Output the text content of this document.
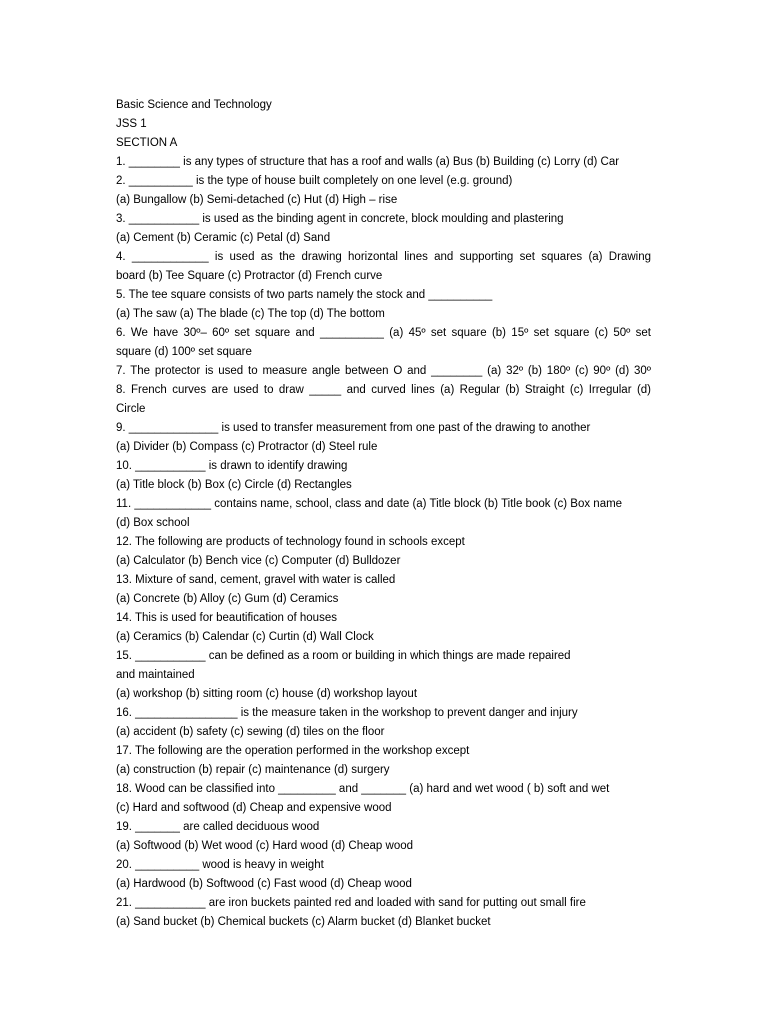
Basic Science and Technology
JSS 1
SECTION A
1. ________ is any types of structure that has a roof and walls (a) Bus (b) Building (c) Lorry (d) Car
2. __________ is the type of house built completely on one level (e.g. ground)
(a) Bungallow (b) Semi-detached (c) Hut (d) High – rise
3. ___________ is used as the binding agent in concrete, block moulding and plastering
(a) Cement (b) Ceramic (c) Petal (d) Sand
4. ____________ is used as the drawing horizontal lines and supporting set squares (a) Drawing
board (b) Tee Square (c) Protractor (d) French curve
5. The tee square consists of two parts namely the stock and __________
(a) The saw (a) The blade (c) The top (d) The bottom
6. We have 30º– 60º set square and __________ (a) 45º set square (b) 15º set square (c) 50º set
square (d) 100º set square
7. The protector is used to measure angle between O and ________ (a) 32º (b) 180º (c) 90º (d) 30º
8. French curves are used to draw _____ and curved lines (a) Regular (b) Straight (c) Irregular (d)
Circle
9. ______________ is used to transfer measurement from one past of the drawing to another
(a) Divider (b) Compass (c) Protractor (d) Steel rule
10. ___________ is drawn to identify drawing
(a) Title block (b) Box (c) Circle (d) Rectangles
11. ____________ contains name, school, class and date (a) Title block (b) Title book (c) Box name
(d) Box school
12. The following are products of technology found in schools except
(a) Calculator (b) Bench vice (c) Computer (d) Bulldozer
13. Mixture of sand, cement, gravel with water is called
(a) Concrete (b) Alloy (c) Gum (d) Ceramics
14. This is used for beautification of houses
(a) Ceramics (b) Calendar (c) Curtin (d) Wall Clock
15. ___________ can be defined as a room or building in which things are made repaired
and maintained
(a) workshop (b) sitting room (c) house (d) workshop layout
16. ________________ is the measure taken in the workshop to prevent danger and injury
(a) accident (b) safety (c) sewing (d) tiles on the floor
17. The following are the operation performed in the workshop except
(a) construction (b) repair (c) maintenance (d) surgery
18. Wood can be classified into _________ and _______ (a) hard and wet wood ( b) soft and wet
(c) Hard and softwood (d) Cheap and expensive wood
19. _______ are called deciduous wood
(a) Softwood (b) Wet wood (c) Hard wood (d) Cheap wood
20. __________ wood is heavy in weight
(a) Hardwood (b) Softwood (c) Fast wood (d) Cheap wood
21. ___________ are iron buckets painted red and loaded with sand for putting out small fire
(a) Sand bucket (b) Chemical buckets (c) Alarm bucket (d) Blanket bucket
